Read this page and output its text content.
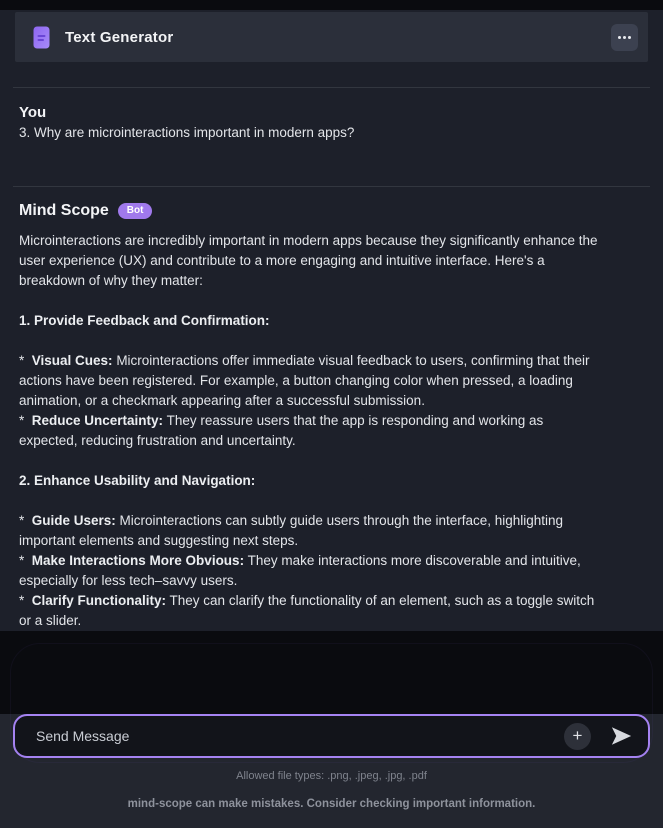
Text Generator
You
3. Why are microinteractions important in modern apps?
Mind Scope	Bot

Microinteractions are incredibly important in modern apps because they significantly enhance the user experience (UX) and contribute to a more engaging and intuitive interface. Here's a breakdown of why they matter:

1. Provide Feedback and Confirmation:

*  Visual Cues: Microinteractions offer immediate visual feedback to users, confirming that their actions have been registered. For example, a button changing color when pressed, a loading animation, or a checkmark appearing after a successful submission.

*  Reduce Uncertainty: They reassure users that the app is responding and working as expected, reducing frustration and uncertainty.

2. Enhance Usability and Navigation:

*  Guide Users: Microinteractions can subtly guide users through the interface, highlighting important elements and suggesting next steps.

*  Make Interactions More Obvious: They make interactions more discoverable and intuitive, especially for less tech–savvy users.

*  Clarify Functionality: They can clarify the functionality of an element, such as a toggle switch or a slider.

Send Message
+
Allowed file types: .png, .jpeg, .jpg, .pdf
mind-scope can make mistakes. Consider checking important information.
